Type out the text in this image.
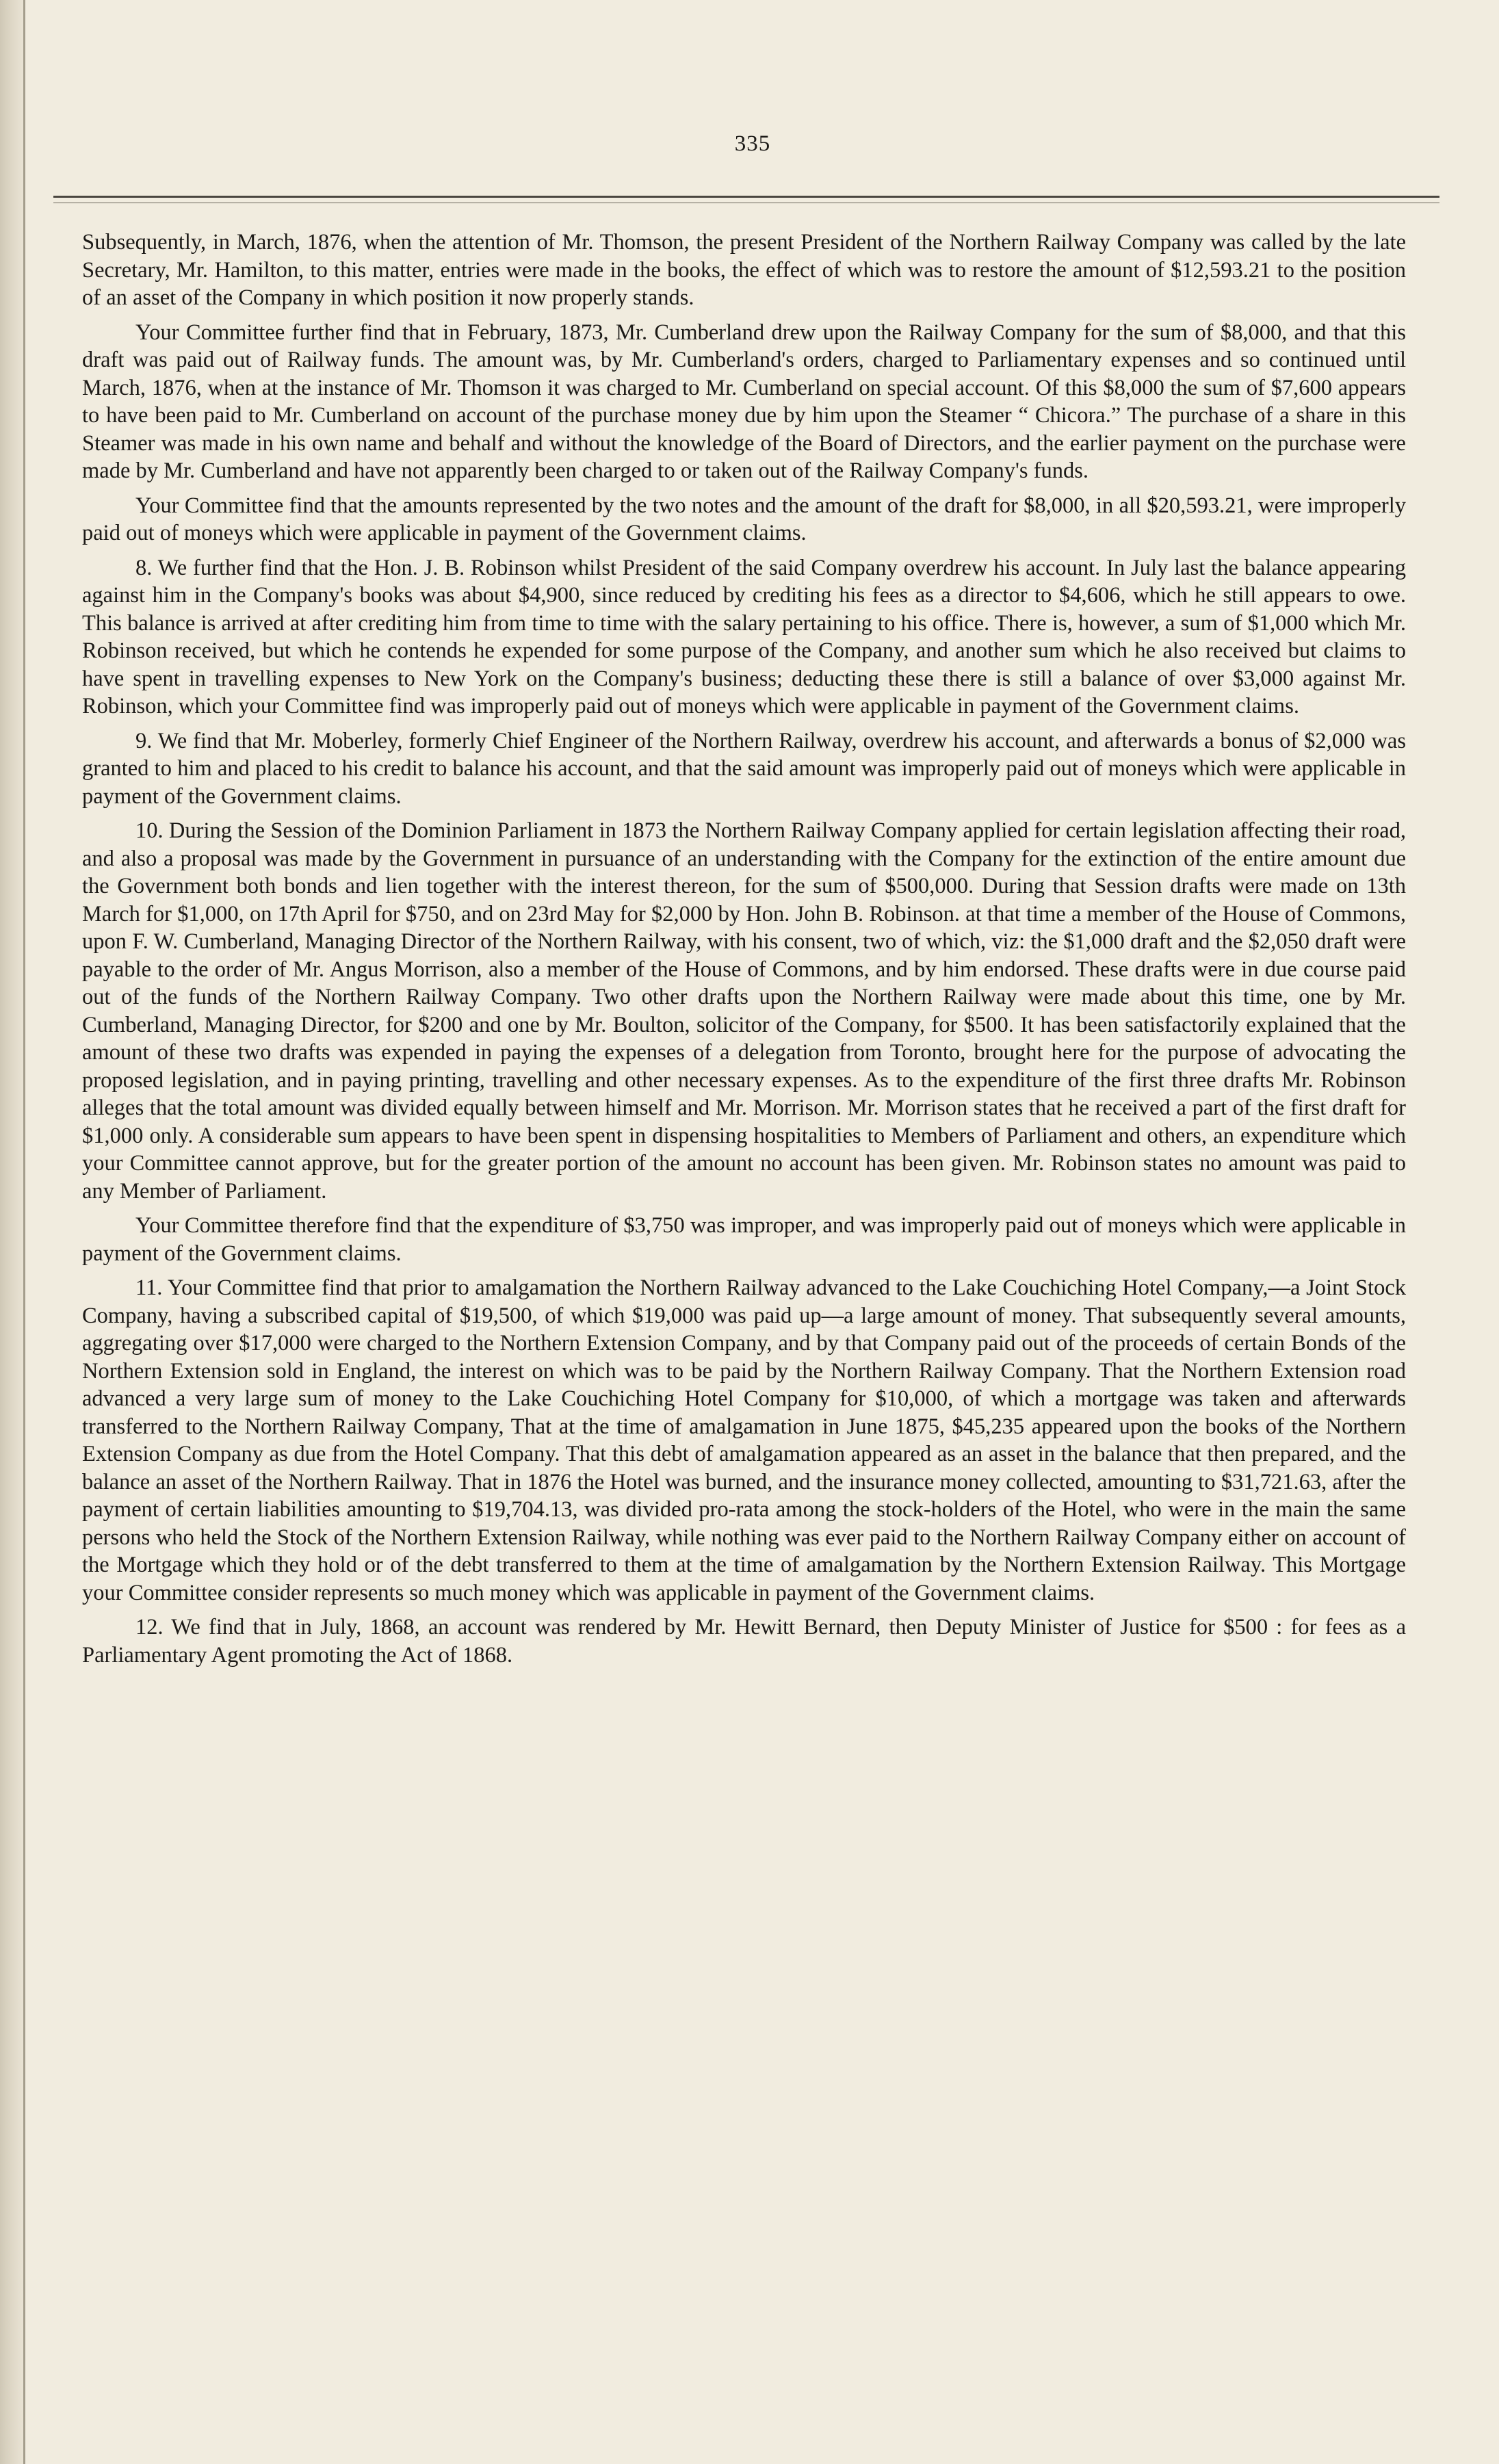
335

Subsequently, in March, 1876, when the attention of Mr. Thomson, the present President of the Northern Railway Company was called by the late Secretary, Mr. Hamilton, to this matter, entries were made in the books, the effect of which was to restore the amount of $12,593.21 to the position of an asset of the Company in which position it now properly stands.

Your Committee further find that in February, 1873, Mr. Cumberland drew upon the Railway Company for the sum of $8,000, and that this draft was paid out of Railway funds. The amount was, by Mr. Cumberland's orders, charged to Parliamentary expenses and so continued until March, 1876, when at the instance of Mr. Thomson it was charged to Mr. Cumberland on special account. Of this $8,000 the sum of $7,600 appears to have been paid to Mr. Cumberland on account of the purchase money due by him upon the Steamer “ Chicora.” The purchase of a share in this Steamer was made in his own name and behalf and without the knowledge of the Board of Directors, and the earlier payment on the purchase were made by Mr. Cumberland and have not apparently been charged to or taken out of the Railway Company's funds.

Your Committee find that the amounts represented by the two notes and the amount of the draft for $8,000, in all $20,593.21, were improperly paid out of moneys which were applicable in payment of the Government claims.

8. We further find that the Hon. J. B. Robinson whilst President of the said Company overdrew his account. In July last the balance appearing against him in the Company's books was about $4,900, since reduced by crediting his fees as a director to $4,606, which he still appears to owe. This balance is arrived at after crediting him from time to time with the salary pertaining to his office. There is, however, a sum of $1,000 which Mr. Robinson received, but which he contends he expended for some purpose of the Company, and another sum which he also received but claims to have spent in travelling expenses to New York on the Company's business; deducting these there is still a balance of over $3,000 against Mr. Robinson, which your Committee find was improperly paid out of moneys which were applicable in payment of the Government claims.

9. We find that Mr. Moberley, formerly Chief Engineer of the Northern Railway, overdrew his account, and afterwards a bonus of $2,000 was granted to him and placed to his credit to balance his account, and that the said amount was improperly paid out of moneys which were applicable in payment of the Government claims.

10. During the Session of the Dominion Parliament in 1873 the Northern Railway Company applied for certain legislation affecting their road, and also a proposal was made by the Government in pursuance of an understanding with the Company for the extinction of the entire amount due the Government both bonds and lien together with the interest thereon, for the sum of $500,000. During that Session drafts were made on 13th March for $1,000, on 17th April for $750, and on 23rd May for $2,000 by Hon. John B. Robinson. at that time a member of the House of Commons, upon F. W. Cumberland, Managing Director of the Northern Railway, with his consent, two of which, viz: the $1,000 draft and the $2,050 draft were payable to the order of Mr. Angus Morrison, also a member of the House of Commons, and by him endorsed. These drafts were in due course paid out of the funds of the Northern Railway Company. Two other drafts upon the Northern Railway were made about this time, one by Mr. Cumberland, Managing Director, for $200 and one by Mr. Boulton, solicitor of the Company, for $500. It has been satisfactorily explained that the amount of these two drafts was expended in paying the expenses of a delegation from Toronto, brought here for the purpose of advocating the proposed legislation, and in paying printing, travelling and other necessary expenses. As to the expenditure of the first three drafts Mr. Robinson alleges that the total amount was divided equally between himself and Mr. Morrison. Mr. Morrison states that he received a part of the first draft for $1,000 only. A considerable sum appears to have been spent in dispensing hospitalities to Members of Parliament and others, an expenditure which your Committee cannot approve, but for the greater portion of the amount no account has been given. Mr. Robinson states no amount was paid to any Member of Parliament.

Your Committee therefore find that the expenditure of $3,750 was improper, and was improperly paid out of moneys which were applicable in payment of the Government claims.

11. Your Committee find that prior to amalgamation the Northern Railway advanced to the Lake Couchiching Hotel Company,—a Joint Stock Company, having a subscribed capital of $19,500, of which $19,000 was paid up—a large amount of money. That subsequently several amounts, aggregating over $17,000 were charged to the Northern Extension Company, and by that Company paid out of the proceeds of certain Bonds of the Northern Extension sold in England, the interest on which was to be paid by the Northern Railway Company. That the Northern Extension road advanced a very large sum of money to the Lake Couchiching Hotel Company for $10,000, of which a mortgage was taken and afterwards transferred to the Northern Railway Company, That at the time of amalgamation in June 1875, $45,235 appeared upon the books of the Northern Extension Company as due from the Hotel Company. That this debt of amalgamation appeared as an asset in the balance that then prepared, and the balance an asset of the Northern Railway. That in 1876 the Hotel was burned, and the insurance money collected, amounting to $31,721.63, after the payment of certain liabilities amounting to $19,704.13, was divided pro-rata among the stock-holders of the Hotel, who were in the main the same persons who held the Stock of the Northern Extension Railway, while nothing was ever paid to the Northern Railway Company either on account of the Mortgage which they hold or of the debt transferred to them at the time of amalgamation by the Northern Extension Railway. This Mortgage your Committee consider represents so much money which was applicable in payment of the Government claims.

12. We find that in July, 1868, an account was rendered by Mr. Hewitt Bernard, then Deputy Minister of Justice for $500 : for fees as a Parliamentary Agent promoting the Act of 1868.
